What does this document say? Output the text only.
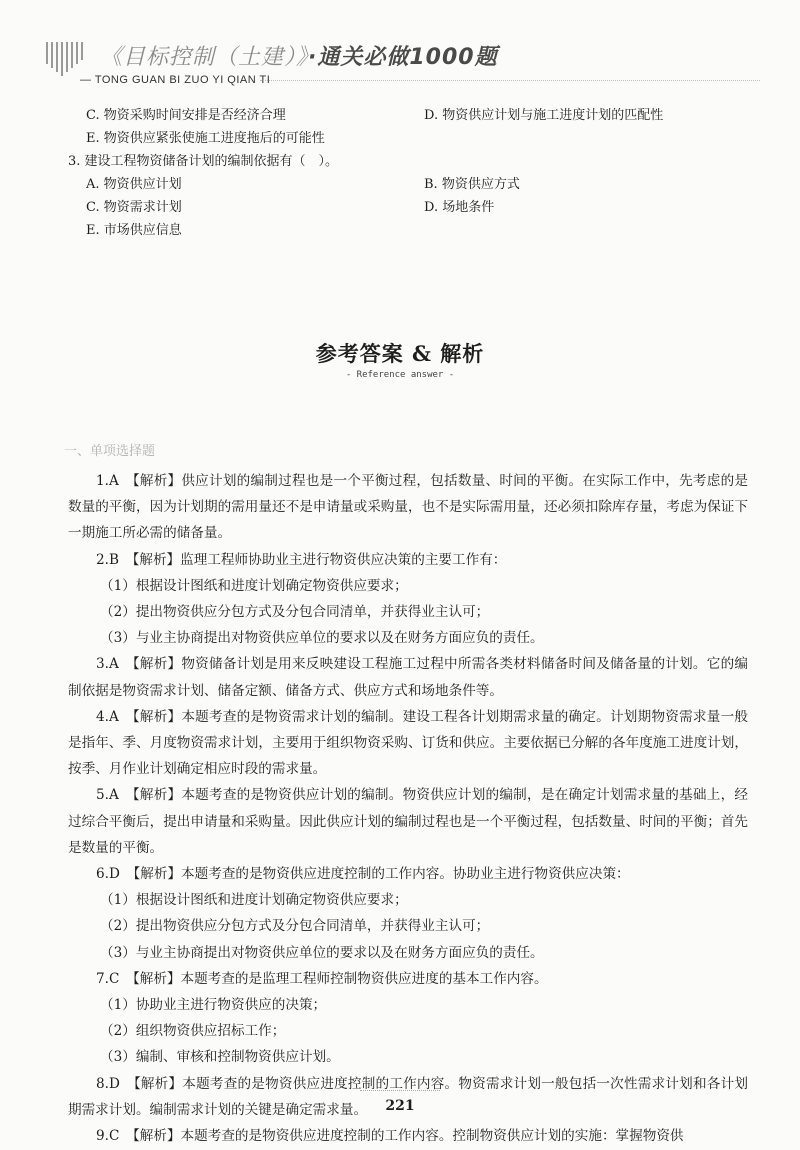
《目标控制（土建）》·通关必做1000题
— TONG GUAN BI ZUO YI QIAN TI
C. 物资采购时间安排是否经济合理	D. 物资供应计划与施工进度计划的匹配性
E. 物资供应紧张使施工进度拖后的可能性
3. 建设工程物资储备计划的编制依据有（　）。
A. 物资供应计划	B. 物资供应方式
C. 物资需求计划	D. 场地条件
E. 市场供应信息
参考答案 & 解析
- Reference answer -
一、单项选择题

1.A　【解析】供应计划的编制过程也是一个平衡过程，包括数量、时间的平衡。在实际工作中，先考虑的是数量的平衡，因为计划期的需用量还不是申请量或采购量，也不是实际需用量，还必须扣除库存量，考虑为保证下一期施工所必需的储备量。

2.B　【解析】监理工程师协助业主进行物资供应决策的主要工作有：

（1）根据设计图纸和进度计划确定物资供应要求；

（2）提出物资供应分包方式及分包合同清单，并获得业主认可；

（3）与业主协商提出对物资供应单位的要求以及在财务方面应负的责任。

3.A　【解析】物资储备计划是用来反映建设工程施工过程中所需各类材料储备时间及储备量的计划。它的编制依据是物资需求计划、储备定额、储备方式、供应方式和场地条件等。

4.A　【解析】本题考查的是物资需求计划的编制。建设工程各计划期需求量的确定。计划期物资需求量一般是指年、季、月度物资需求计划，主要用于组织物资采购、订货和供应。主要依据已分解的各年度施工进度计划，按季、月作业计划确定相应时段的需求量。

5.A　【解析】本题考查的是物资供应计划的编制。物资供应计划的编制，是在确定计划需求量的基础上，经过综合平衡后，提出申请量和采购量。因此供应计划的编制过程也是一个平衡过程，包括数量、时间的平衡；首先是数量的平衡。

6.D　【解析】本题考查的是物资供应进度控制的工作内容。协助业主进行物资供应决策：

（1）根据设计图纸和进度计划确定物资供应要求；

（2）提出物资供应分包方式及分包合同清单，并获得业主认可；

（3）与业主协商提出对物资供应单位的要求以及在财务方面应负的责任。

7.C　【解析】本题考查的是监理工程师控制物资供应进度的基本工作内容。

（1）协助业主进行物资供应的决策；

（2）组织物资供应招标工作；

（3）编制、审核和控制物资供应计划。

8.D　【解析】本题考查的是物资供应进度控制的工作内容。物资需求计划一般包括一次性需求计划和各计划期需求计划。编制需求计划的关键是确定需求量。

9.C　【解析】本题考查的是物资供应进度控制的工作内容。控制物资供应计划的实施：掌握物资供

221
